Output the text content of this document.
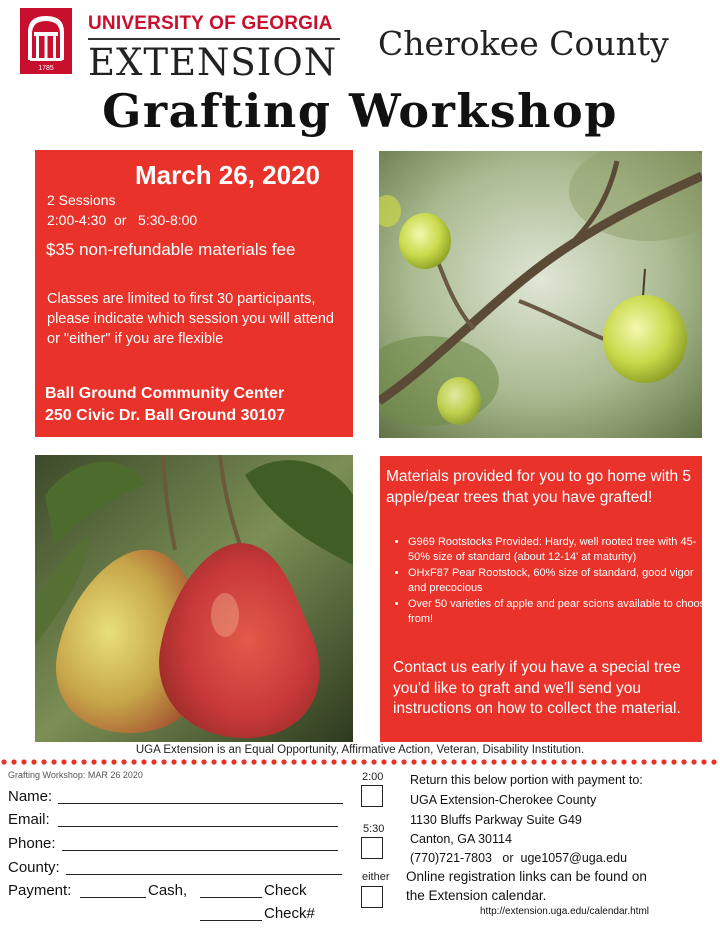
1785
UNIVERSITY OF GEORGIA
EXTENSION Cherokee County
Grafting Workshop
March 26, 2020
2 Sessions
2:00-4:30  or   5:30-8:00
$35 non-refundable materials fee
Classes are limited to first 30 participants, please indicate which session you will attend or "either" if you are flexible
Ball Ground Community Center
250 Civic Dr. Ball Ground 30107
Materials provided for you to go home with 5 apple/pear trees that you have grafted!
• G969 Rootstocks Provided: Hardy, well rooted tree with 45-50% size of standard (about 12-14' at maturity)
• OHxF87 Pear Rootstock, 60% size of standard, good vigor and precocious
• Over 50 varieties of apple and pear scions available to choose from!
Contact us early if you have a special tree you'd like to graft and we'll send you instructions on how to collect the material.
UGA Extension is an Equal Opportunity, Affirmative Action, Veteran, Disability Institution.
Grafting Workshop: MAR 26 2020
Name:
Email:
Phone:
County:
Payment:	Cash,	Check
Check#
2:00
5:30
either
Return this below portion with payment to:
UGA Extension-Cherokee County
1130 Bluffs Parkway Suite G49
Canton, GA 30114
(770)721-7803   or  uge1057@uga.edu
Online registration links can be found on
the Extension calendar.
http://extension.uga.edu/calendar.html
